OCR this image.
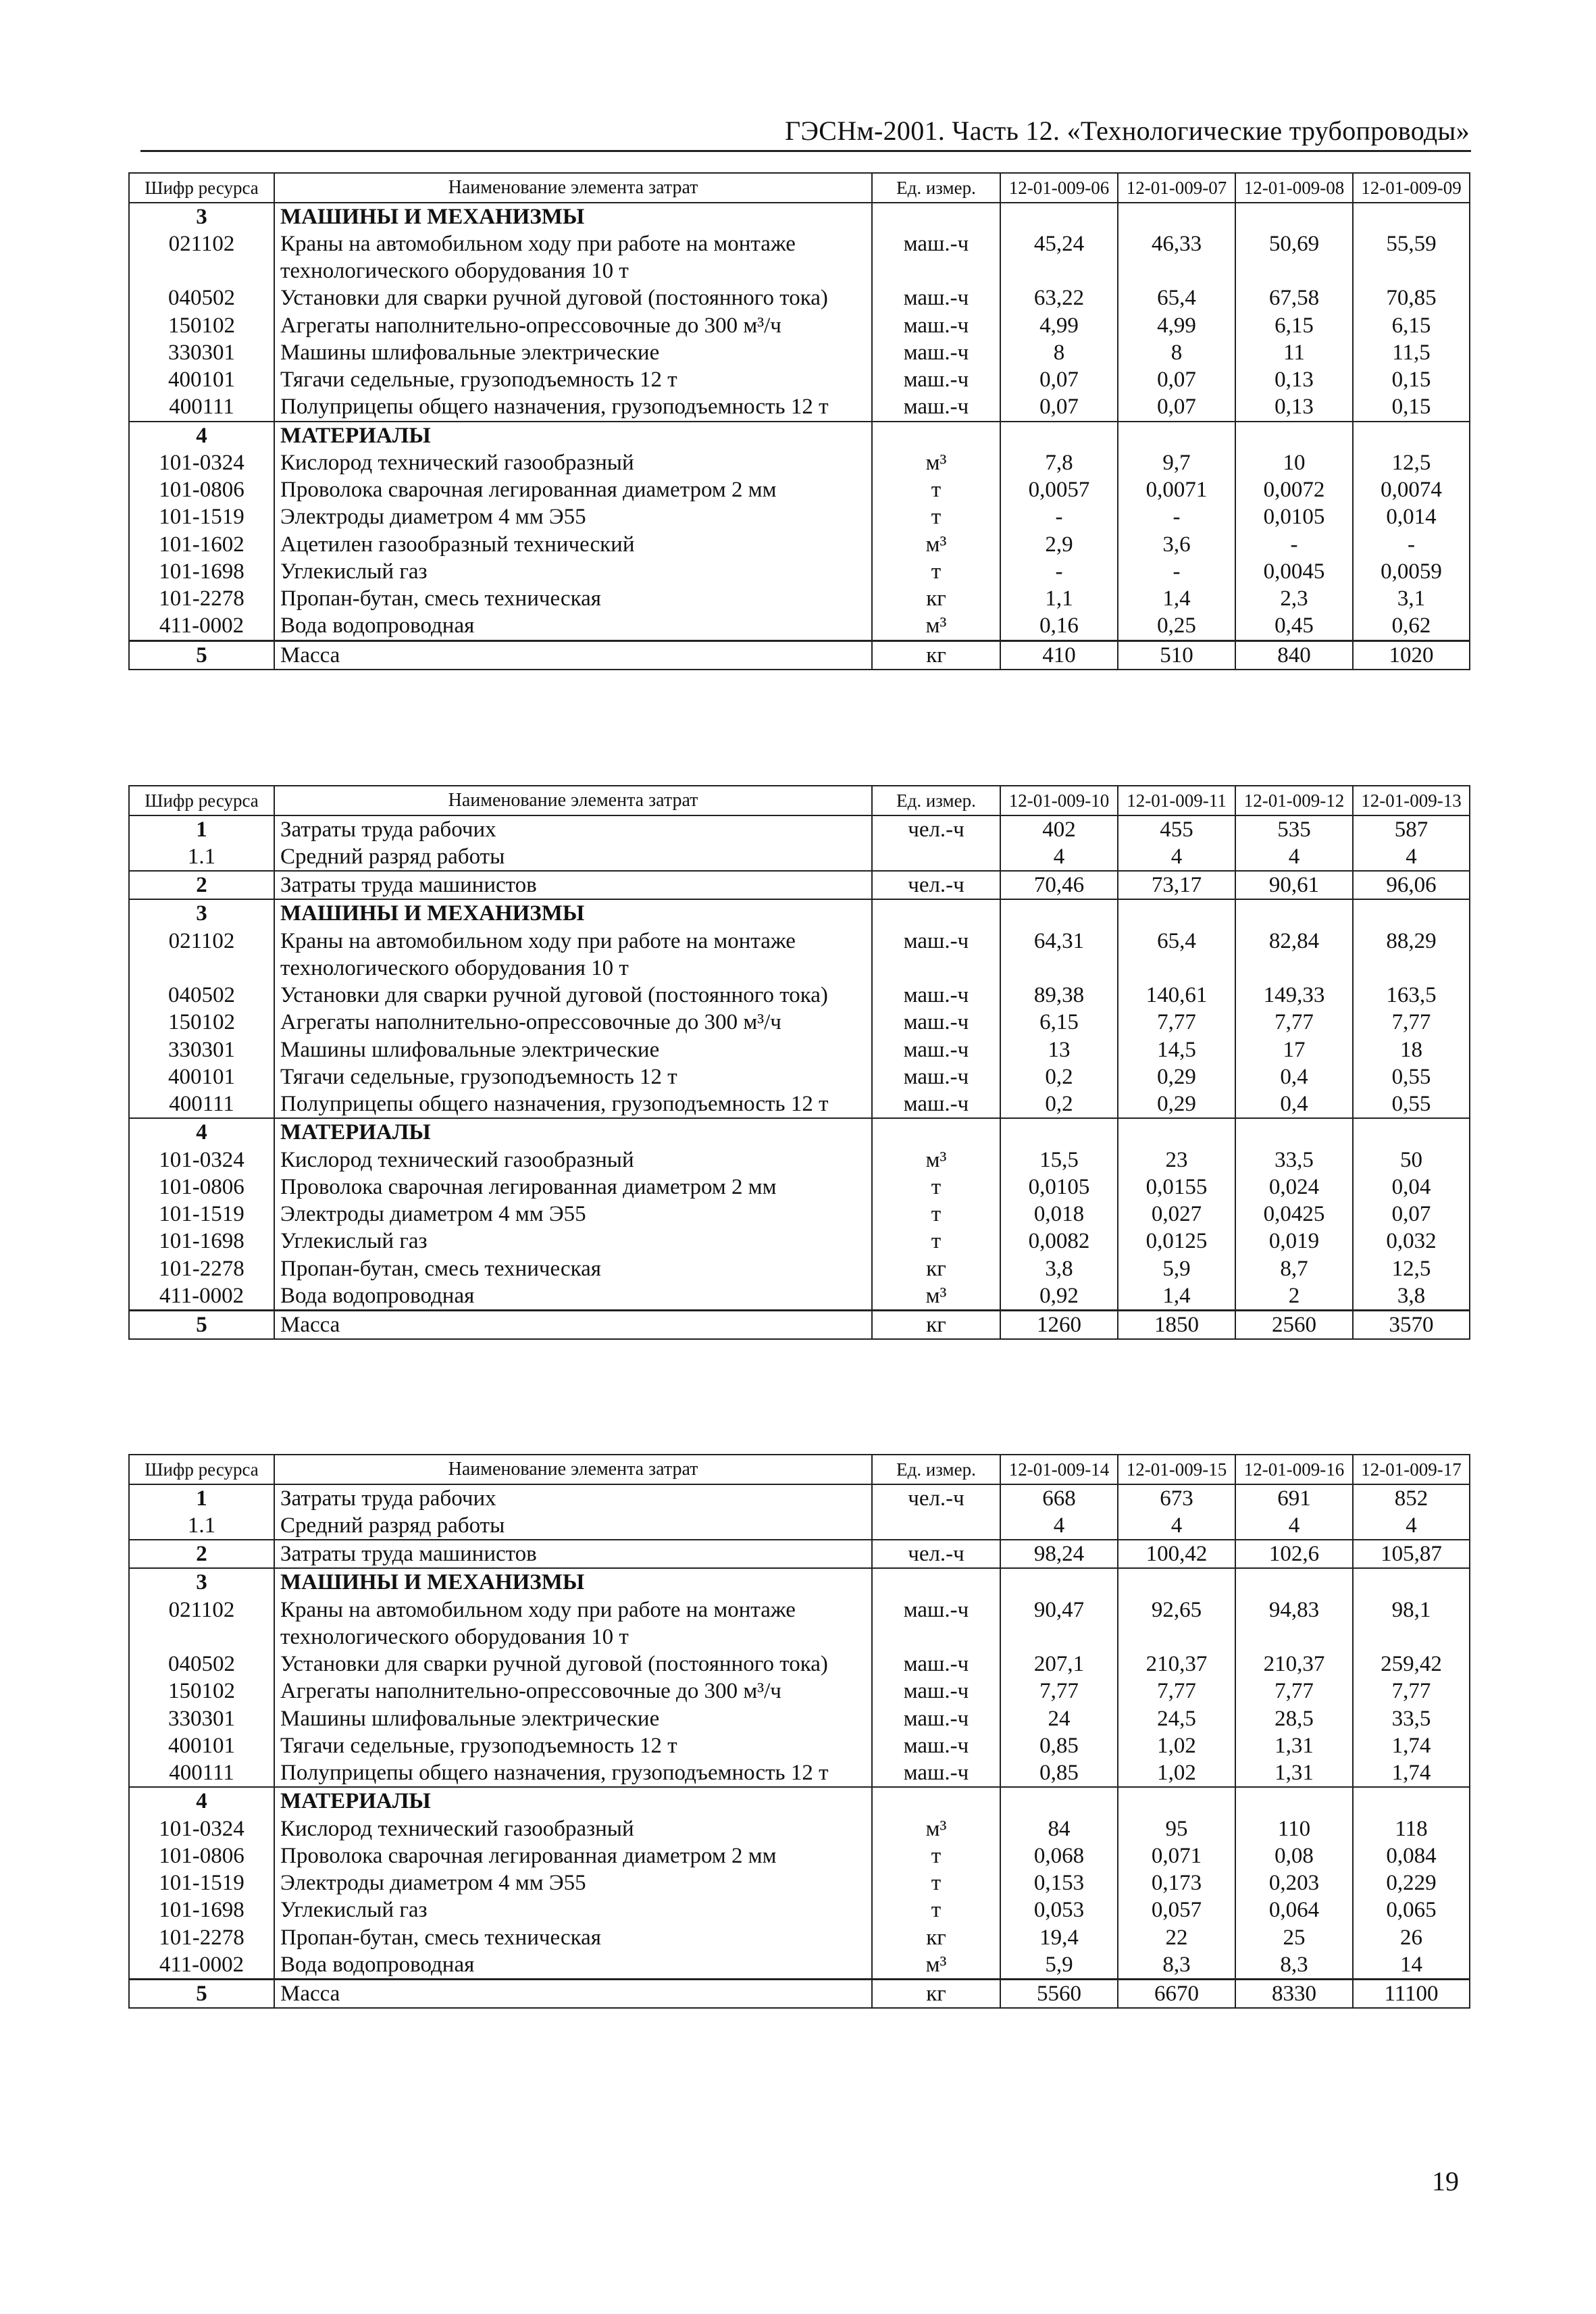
ГЭСНм-2001. Часть 12. «Технологические трубопроводы»
Шифр ресурса	Наименование элемента затрат	Ед. измер.	12-01-009-06	12-01-009-07	12-01-009-08	12-01-009-09
3	МАШИНЫ И МЕХАНИЗМЫ					
021102	Краны на автомобильном ходу при работе на монтаже технологического оборудования 10 т	маш.-ч	45,24	46,33	50,69	55,59
040502	Установки для сварки ручной дуговой (постоянного тока)	маш.-ч	63,22	65,4	67,58	70,85
150102	Агрегаты наполнительно-опрессовочные до 300 м³/ч	маш.-ч	4,99	4,99	6,15	6,15
330301	Машины шлифовальные электрические	маш.-ч	8	8	11	11,5
400101	Тягачи седельные, грузоподъемность 12 т	маш.-ч	0,07	0,07	0,13	0,15
400111	Полуприцепы общего назначения, грузоподъемность 12 т	маш.-ч	0,07	0,07	0,13	0,15
4	МАТЕРИАЛЫ					
101-0324	Кислород технический газообразный	м³	7,8	9,7	10	12,5
101-0806	Проволока сварочная легированная диаметром 2 мм	т	0,0057	0,0071	0,0072	0,0074
101-1519	Электроды диаметром 4 мм Э55	т	-	-	0,0105	0,014
101-1602	Ацетилен газообразный технический	м³	2,9	3,6	-	-
101-1698	Углекислый газ	т	-	-	0,0045	0,0059
101-2278	Пропан-бутан, смесь техническая	кг	1,1	1,4	2,3	3,1
411-0002	Вода водопроводная	м³	0,16	0,25	0,45	0,62
5	Масса	кг	410	510	840	1020
Шифр ресурса	Наименование элемента затрат	Ед. измер.	12-01-009-10	12-01-009-11	12-01-009-12	12-01-009-13
1	Затраты труда рабочих	чел.-ч	402	455	535	587
1.1	Средний разряд работы		4	4	4	4
2	Затраты труда машинистов	чел.-ч	70,46	73,17	90,61	96,06
3	МАШИНЫ И МЕХАНИЗМЫ					
021102	Краны на автомобильном ходу при работе на монтаже технологического оборудования 10 т	маш.-ч	64,31	65,4	82,84	88,29
040502	Установки для сварки ручной дуговой (постоянного тока)	маш.-ч	89,38	140,61	149,33	163,5
150102	Агрегаты наполнительно-опрессовочные до 300 м³/ч	маш.-ч	6,15	7,77	7,77	7,77
330301	Машины шлифовальные электрические	маш.-ч	13	14,5	17	18
400101	Тягачи седельные, грузоподъемность 12 т	маш.-ч	0,2	0,29	0,4	0,55
400111	Полуприцепы общего назначения, грузоподъемность 12 т	маш.-ч	0,2	0,29	0,4	0,55
4	МАТЕРИАЛЫ					
101-0324	Кислород технический газообразный	м³	15,5	23	33,5	50
101-0806	Проволока сварочная легированная диаметром 2 мм	т	0,0105	0,0155	0,024	0,04
101-1519	Электроды диаметром 4 мм Э55	т	0,018	0,027	0,0425	0,07
101-1698	Углекислый газ	т	0,0082	0,0125	0,019	0,032
101-2278	Пропан-бутан, смесь техническая	кг	3,8	5,9	8,7	12,5
411-0002	Вода водопроводная	м³	0,92	1,4	2	3,8
5	Масса	кг	1260	1850	2560	3570
Шифр ресурса	Наименование элемента затрат	Ед. измер.	12-01-009-14	12-01-009-15	12-01-009-16	12-01-009-17
1	Затраты труда рабочих	чел.-ч	668	673	691	852
1.1	Средний разряд работы		4	4	4	4
2	Затраты труда машинистов	чел.-ч	98,24	100,42	102,6	105,87
3	МАШИНЫ И МЕХАНИЗМЫ					
021102	Краны на автомобильном ходу при работе на монтаже технологического оборудования 10 т	маш.-ч	90,47	92,65	94,83	98,1
040502	Установки для сварки ручной дуговой (постоянного тока)	маш.-ч	207,1	210,37	210,37	259,42
150102	Агрегаты наполнительно-опрессовочные до 300 м³/ч	маш.-ч	7,77	7,77	7,77	7,77
330301	Машины шлифовальные электрические	маш.-ч	24	24,5	28,5	33,5
400101	Тягачи седельные, грузоподъемность 12 т	маш.-ч	0,85	1,02	1,31	1,74
400111	Полуприцепы общего назначения, грузоподъемность 12 т	маш.-ч	0,85	1,02	1,31	1,74
4	МАТЕРИАЛЫ					
101-0324	Кислород технический газообразный	м³	84	95	110	118
101-0806	Проволока сварочная легированная диаметром 2 мм	т	0,068	0,071	0,08	0,084
101-1519	Электроды диаметром 4 мм Э55	т	0,153	0,173	0,203	0,229
101-1698	Углекислый газ	т	0,053	0,057	0,064	0,065
101-2278	Пропан-бутан, смесь техническая	кг	19,4	22	25	26
411-0002	Вода водопроводная	м³	5,9	8,3	8,3	14
5	Масса	кг	5560	6670	8330	11100
19
